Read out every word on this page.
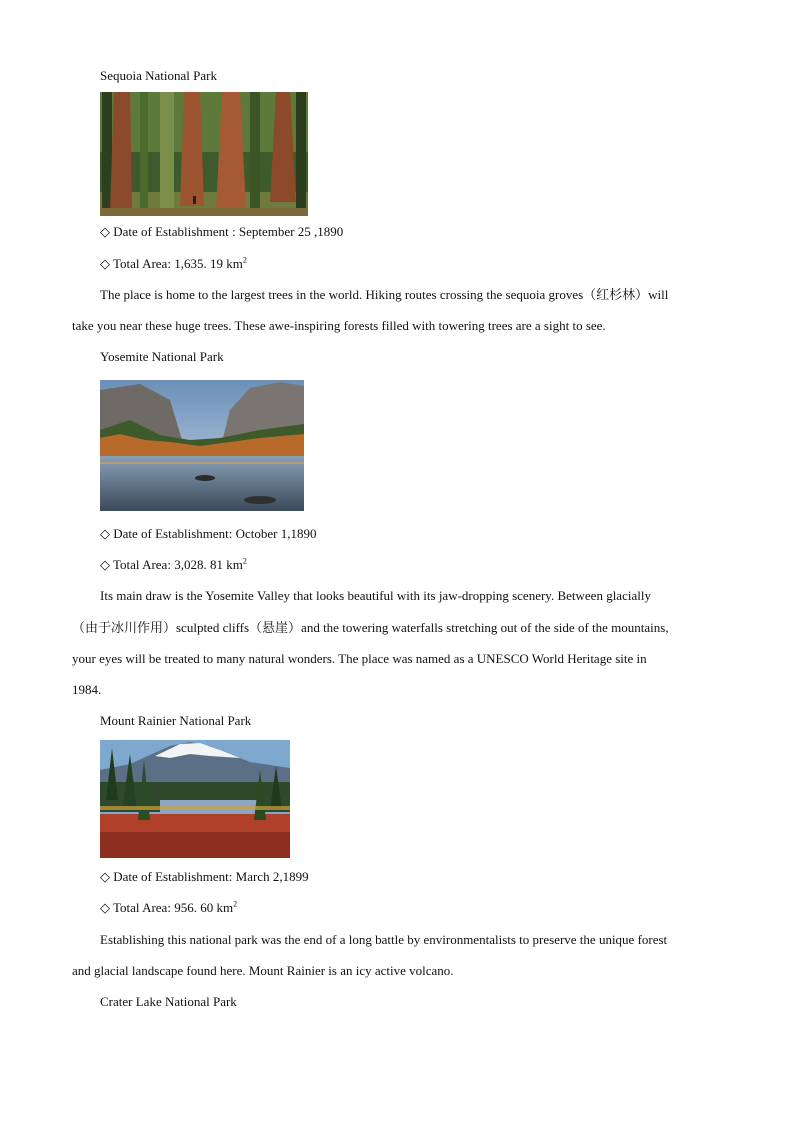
Sequoia National Park
◇ Date of Establishment : September 25 ,1890
◇ Total Area: 1,635. 19 $km^2$
The place is home to the largest trees in the world. Hiking routes crossing the sequoia groves（红杉林）will
take you near these huge trees. These awe-inspiring forests filled with towering trees are a sight to see.
Yosemite National Park
◇ Date of Establishment: October 1,1890
◇ Total Area: 3,028. 81 $km^2$
Its main draw is the Yosemite Valley that looks beautiful with its jaw-dropping scenery. Between glacially
（由于冰川作用）sculpted cliffs（悬崖）and the towering waterfalls stretching out of the side of the mountains,
your eyes will be treated to many natural wonders. The place was named as a UNESCO World Heritage site in
1984.
Mount Rainier National Park
◇ Date of Establishment: March 2,1899
◇ Total Area: 956. 60 $km^2$
Establishing this national park was the end of a long battle by environmentalists to preserve the unique forest
and glacial landscape found here. Mount Rainier is an icy active volcano.
Crater Lake National Park
